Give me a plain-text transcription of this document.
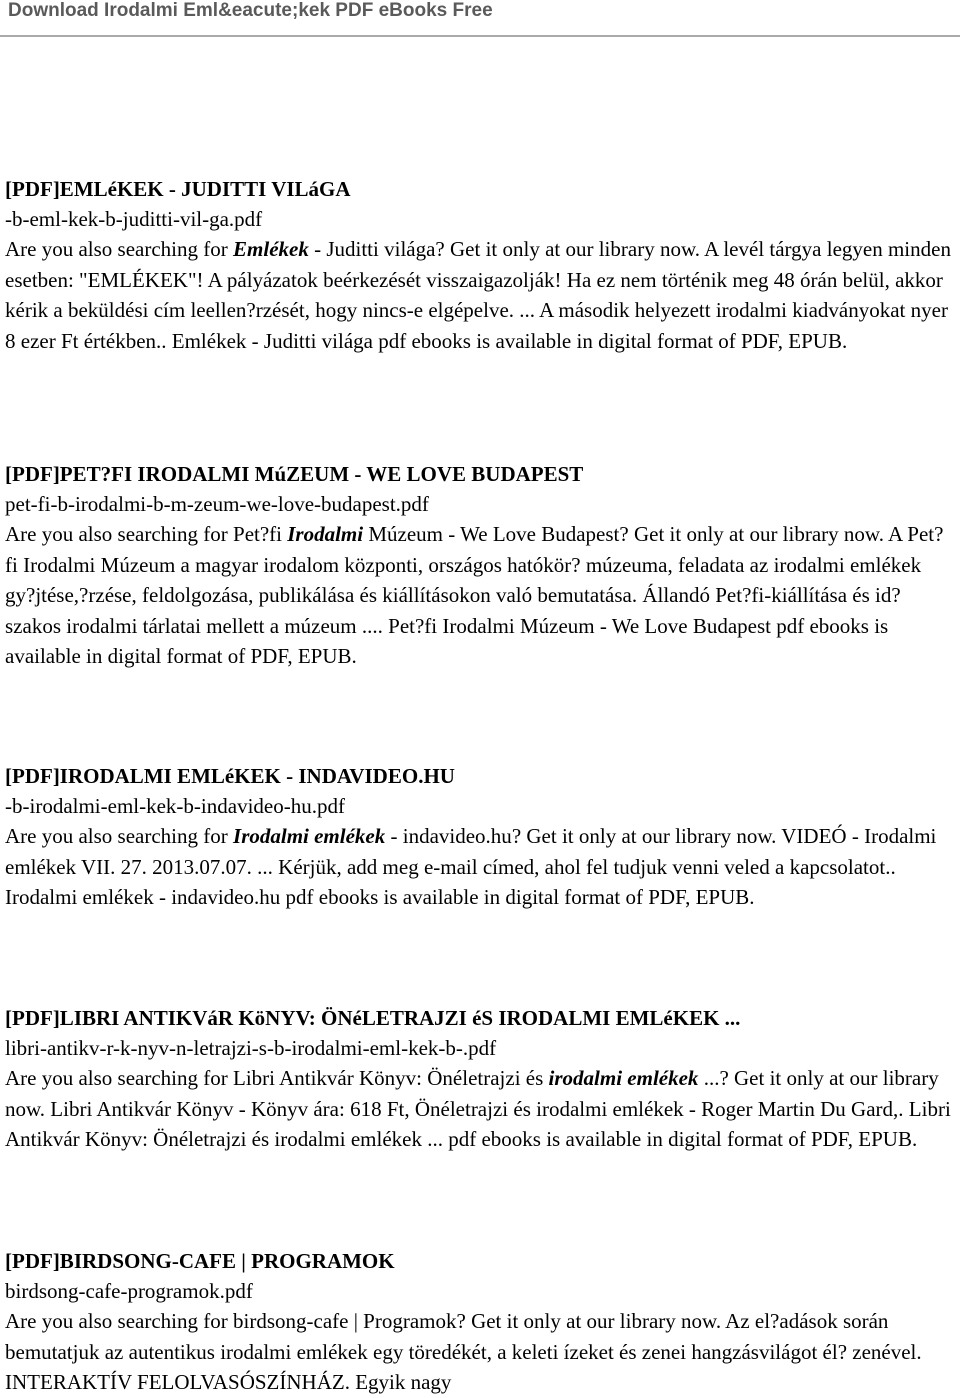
Download Irodalmi Eml&eacute;kek PDF eBooks Free
[PDF]EMLéKEK - JUDITTI VILáGA
-b-eml-kek-b-juditti-vil-ga.pdf
Are you also searching for Emlékek - Juditti világa? Get it only at our library now. A levél tárgya legyen minden esetben: "EMLÉKEK"! A pályázatok beérkezését visszaigazolják! Ha ez nem történik meg 48 órán belül, akkor kérik a beküldési cím leellen?rzését, hogy nincs-e elgépelve. ... A második helyezett irodalmi kiadványokat nyer 8 ezer Ft értékben.. Emlékek - Juditti világa pdf ebooks is available in digital format of PDF, EPUB.
[PDF]PET?FI IRODALMI MúZEUM - WE LOVE BUDAPEST
pet-fi-b-irodalmi-b-m-zeum-we-love-budapest.pdf
Are you also searching for Pet?fi Irodalmi Múzeum - We Love Budapest? Get it only at our library now. A Pet?fi Irodalmi Múzeum a magyar irodalom központi, országos hatókör? múzeuma, feladata az irodalmi emlékek gy?jtése,?rzése, feldolgozása, publikálása és kiállításokon való bemutatása. Állandó Pet?fi-kiállítása és id?szakos irodalmi tárlatai mellett a múzeum .... Pet?fi Irodalmi Múzeum - We Love Budapest pdf ebooks is available in digital format of PDF, EPUB.
[PDF]IRODALMI EMLéKEK - INDAVIDEO.HU
-b-irodalmi-eml-kek-b-indavideo-hu.pdf
Are you also searching for Irodalmi emlékek - indavideo.hu? Get it only at our library now. VIDEÓ - Irodalmi emlékek VII. 27. 2013.07.07. ... Kérjük, add meg e-mail címed, ahol fel tudjuk venni veled a kapcsolatot.. Irodalmi emlékek - indavideo.hu pdf ebooks is available in digital format of PDF, EPUB.
[PDF]LIBRI ANTIKVáR KöNYV: ÖNéLETRAJZI éS IRODALMI EMLéKEK ...
libri-antikv-r-k-nyv-n-letrajzi-s-b-irodalmi-eml-kek-b-.pdf
Are you also searching for Libri Antikvár Könyv: Önéletrajzi és irodalmi emlékek ...? Get it only at our library now. Libri Antikvár Könyv - Könyv ára: 618 Ft, Önéletrajzi és irodalmi emlékek - Roger Martin Du Gard,. Libri Antikvár Könyv: Önéletrajzi és irodalmi emlékek ... pdf ebooks is available in digital format of PDF, EPUB.
[PDF]BIRDSONG-CAFE | PROGRAMOK
birdsong-cafe-programok.pdf
Are you also searching for birdsong-cafe | Programok? Get it only at our library now. Az el?adások során bemutatjuk az autentikus irodalmi emlékek egy töredékét, a keleti ízeket és zenei hangzásvilágot él? zenével. INTERAKTÍV FELOLVASÓSZÍNHÁZ. Egyik nagy
